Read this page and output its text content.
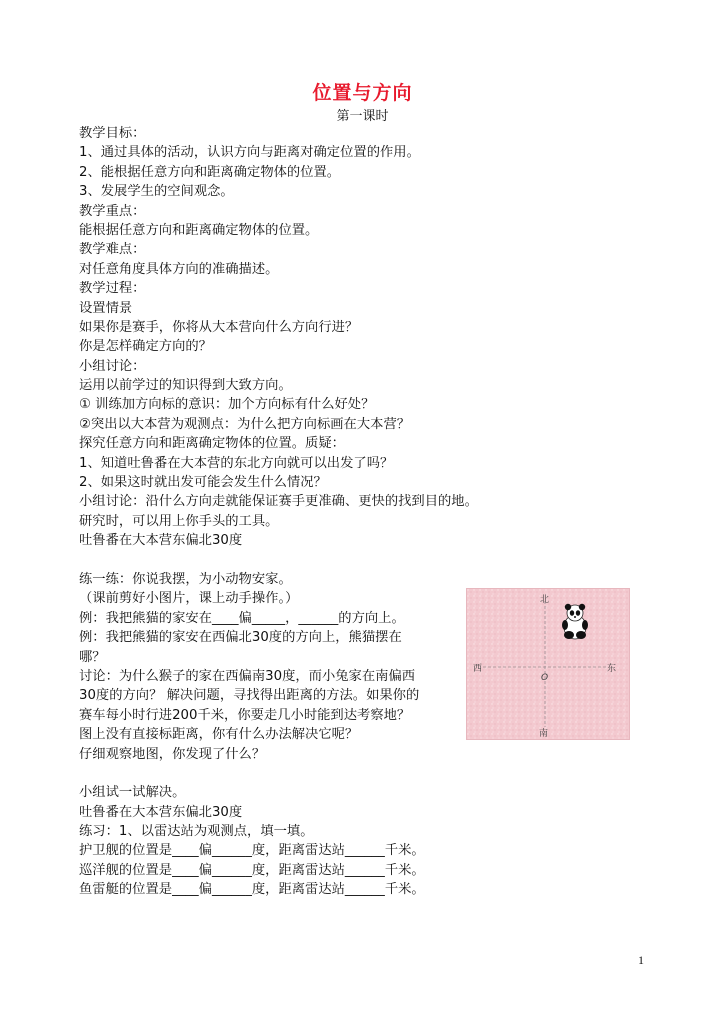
位置与方向
第一课时
教学目标：
1、通过具体的活动，认识方向与距离对确定位置的作用。
2、能根据任意方向和距离确定物体的位置。
3、发展学生的空间观念。
教学重点：
能根据任意方向和距离确定物体的位置。
教学难点：
对任意角度具体方向的准确描述。
教学过程：
设置情景
如果你是赛手，你将从大本营向什么方向行进？
你是怎样确定方向的？
小组讨论：
运用以前学过的知识得到大致方向。
① 训练加方向标的意识：加个方向标有什么好处？
②突出以大本营为观测点：为什么把方向标画在大本营？
探究任意方向和距离确定物体的位置。质疑：
1、知道吐鲁番在大本营的东北方向就可以出发了吗？
2、如果这时就出发可能会发生什么情况？
小组讨论：沿什么方向走就能保证赛手更准确、更快的找到目的地。
研究时，可以用上你手头的工具。
吐鲁番在大本营东偏北30度
练一练：你说我摆，为小动物安家。
（课前剪好小图片，课上动手操作。）
例：我把熊猫的家安在____偏_____，______的方向上。
例：我把熊猫的家安在西偏北30度的方向上，熊猫摆在
哪？
讨论：为什么猴子的家在西偏南30度，而小兔家在南偏西
30度的方向？ 解决问题，寻找得出距离的方法。如果你的
赛车每小时行进200千米，你要走几小时能到达考察地？
图上没有直接标距离，你有什么办法解决它呢？
仔细观察地图，你发现了什么？
小组试一试解决。
吐鲁番在大本营东偏北30度
练习：1、以雷达站为观测点，填一填。
护卫舰的位置是____偏______度，距离雷达站______千米。
巡洋舰的位置是____偏______度，距离雷达站______千米。
鱼雷艇的位置是____偏______度，距离雷达站______千米。
北
南
东
西
O
1
